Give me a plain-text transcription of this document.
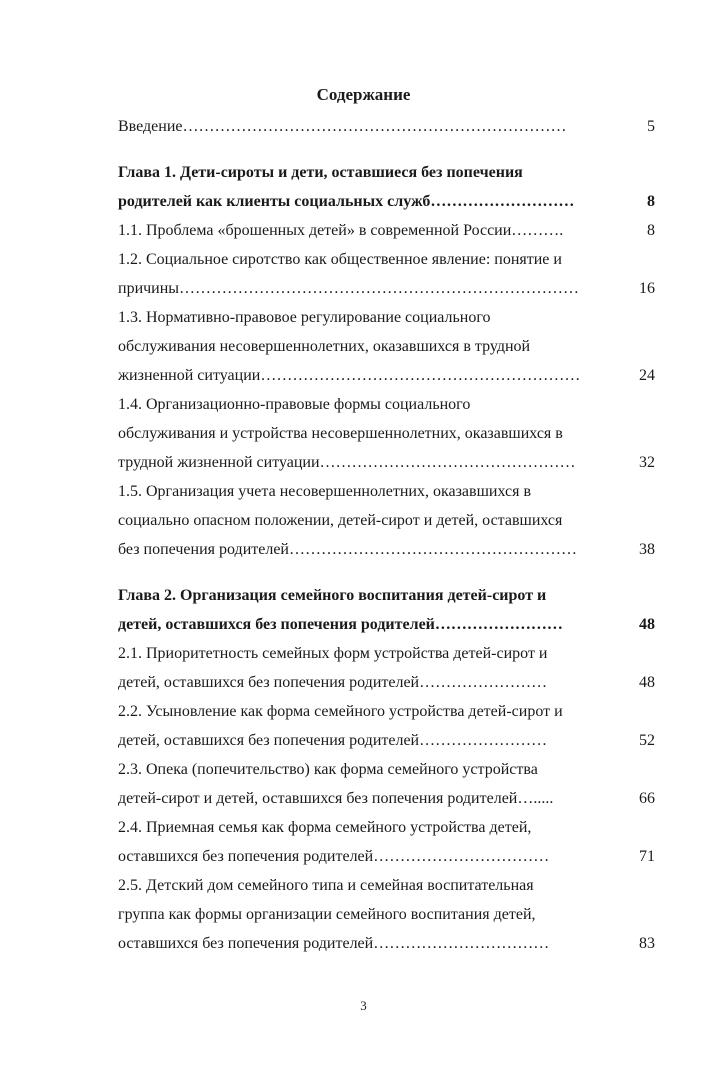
Содержание
Введение………………………………………………………………	5
Глава 1. Дети-сироты и дети, оставшиеся без попечения
родителей как клиенты социальных служб………………………	8
1.1. Проблема «брошенных детей» в современной России……….	8
1.2. Социальное сиротство как общественное явление: понятие и
причины…………………………………………………………………	16
1.3. Нормативно-правовое регулирование социального
обслуживания несовершеннолетних, оказавшихся в трудной
жизненной ситуации……………………………………………………	24
1.4. Организационно-правовые формы социального
обслуживания и устройства несовершеннолетних, оказавшихся в
трудной жизненной ситуации…………………………………………	32
1.5. Организация учета несовершеннолетних, оказавшихся в
социально опасном положении, детей-сирот и детей, оставшихся
без попечения родителей………………………………………………	38
Глава 2. Организация семейного воспитания детей-сирот и
детей, оставшихся без попечения родителей……………………	48
2.1. Приоритетность семейных форм устройства детей-сирот и
детей, оставшихся без попечения родителей……………………	48
2.2. Усыновление как форма семейного устройства детей-сирот и
детей, оставшихся без попечения родителей……………………	52
2.3. Опека (попечительство) как форма семейного устройства
детей-сирот и детей, оставшихся без попечения родителей….....	66
2.4. Приемная семья как форма семейного устройства детей,
оставшихся без попечения родителей……………………………	71
2.5. Детский дом семейного типа и семейная воспитательная
группа как формы организации семейного воспитания детей,
оставшихся без попечения родителей……………………………	83
3
